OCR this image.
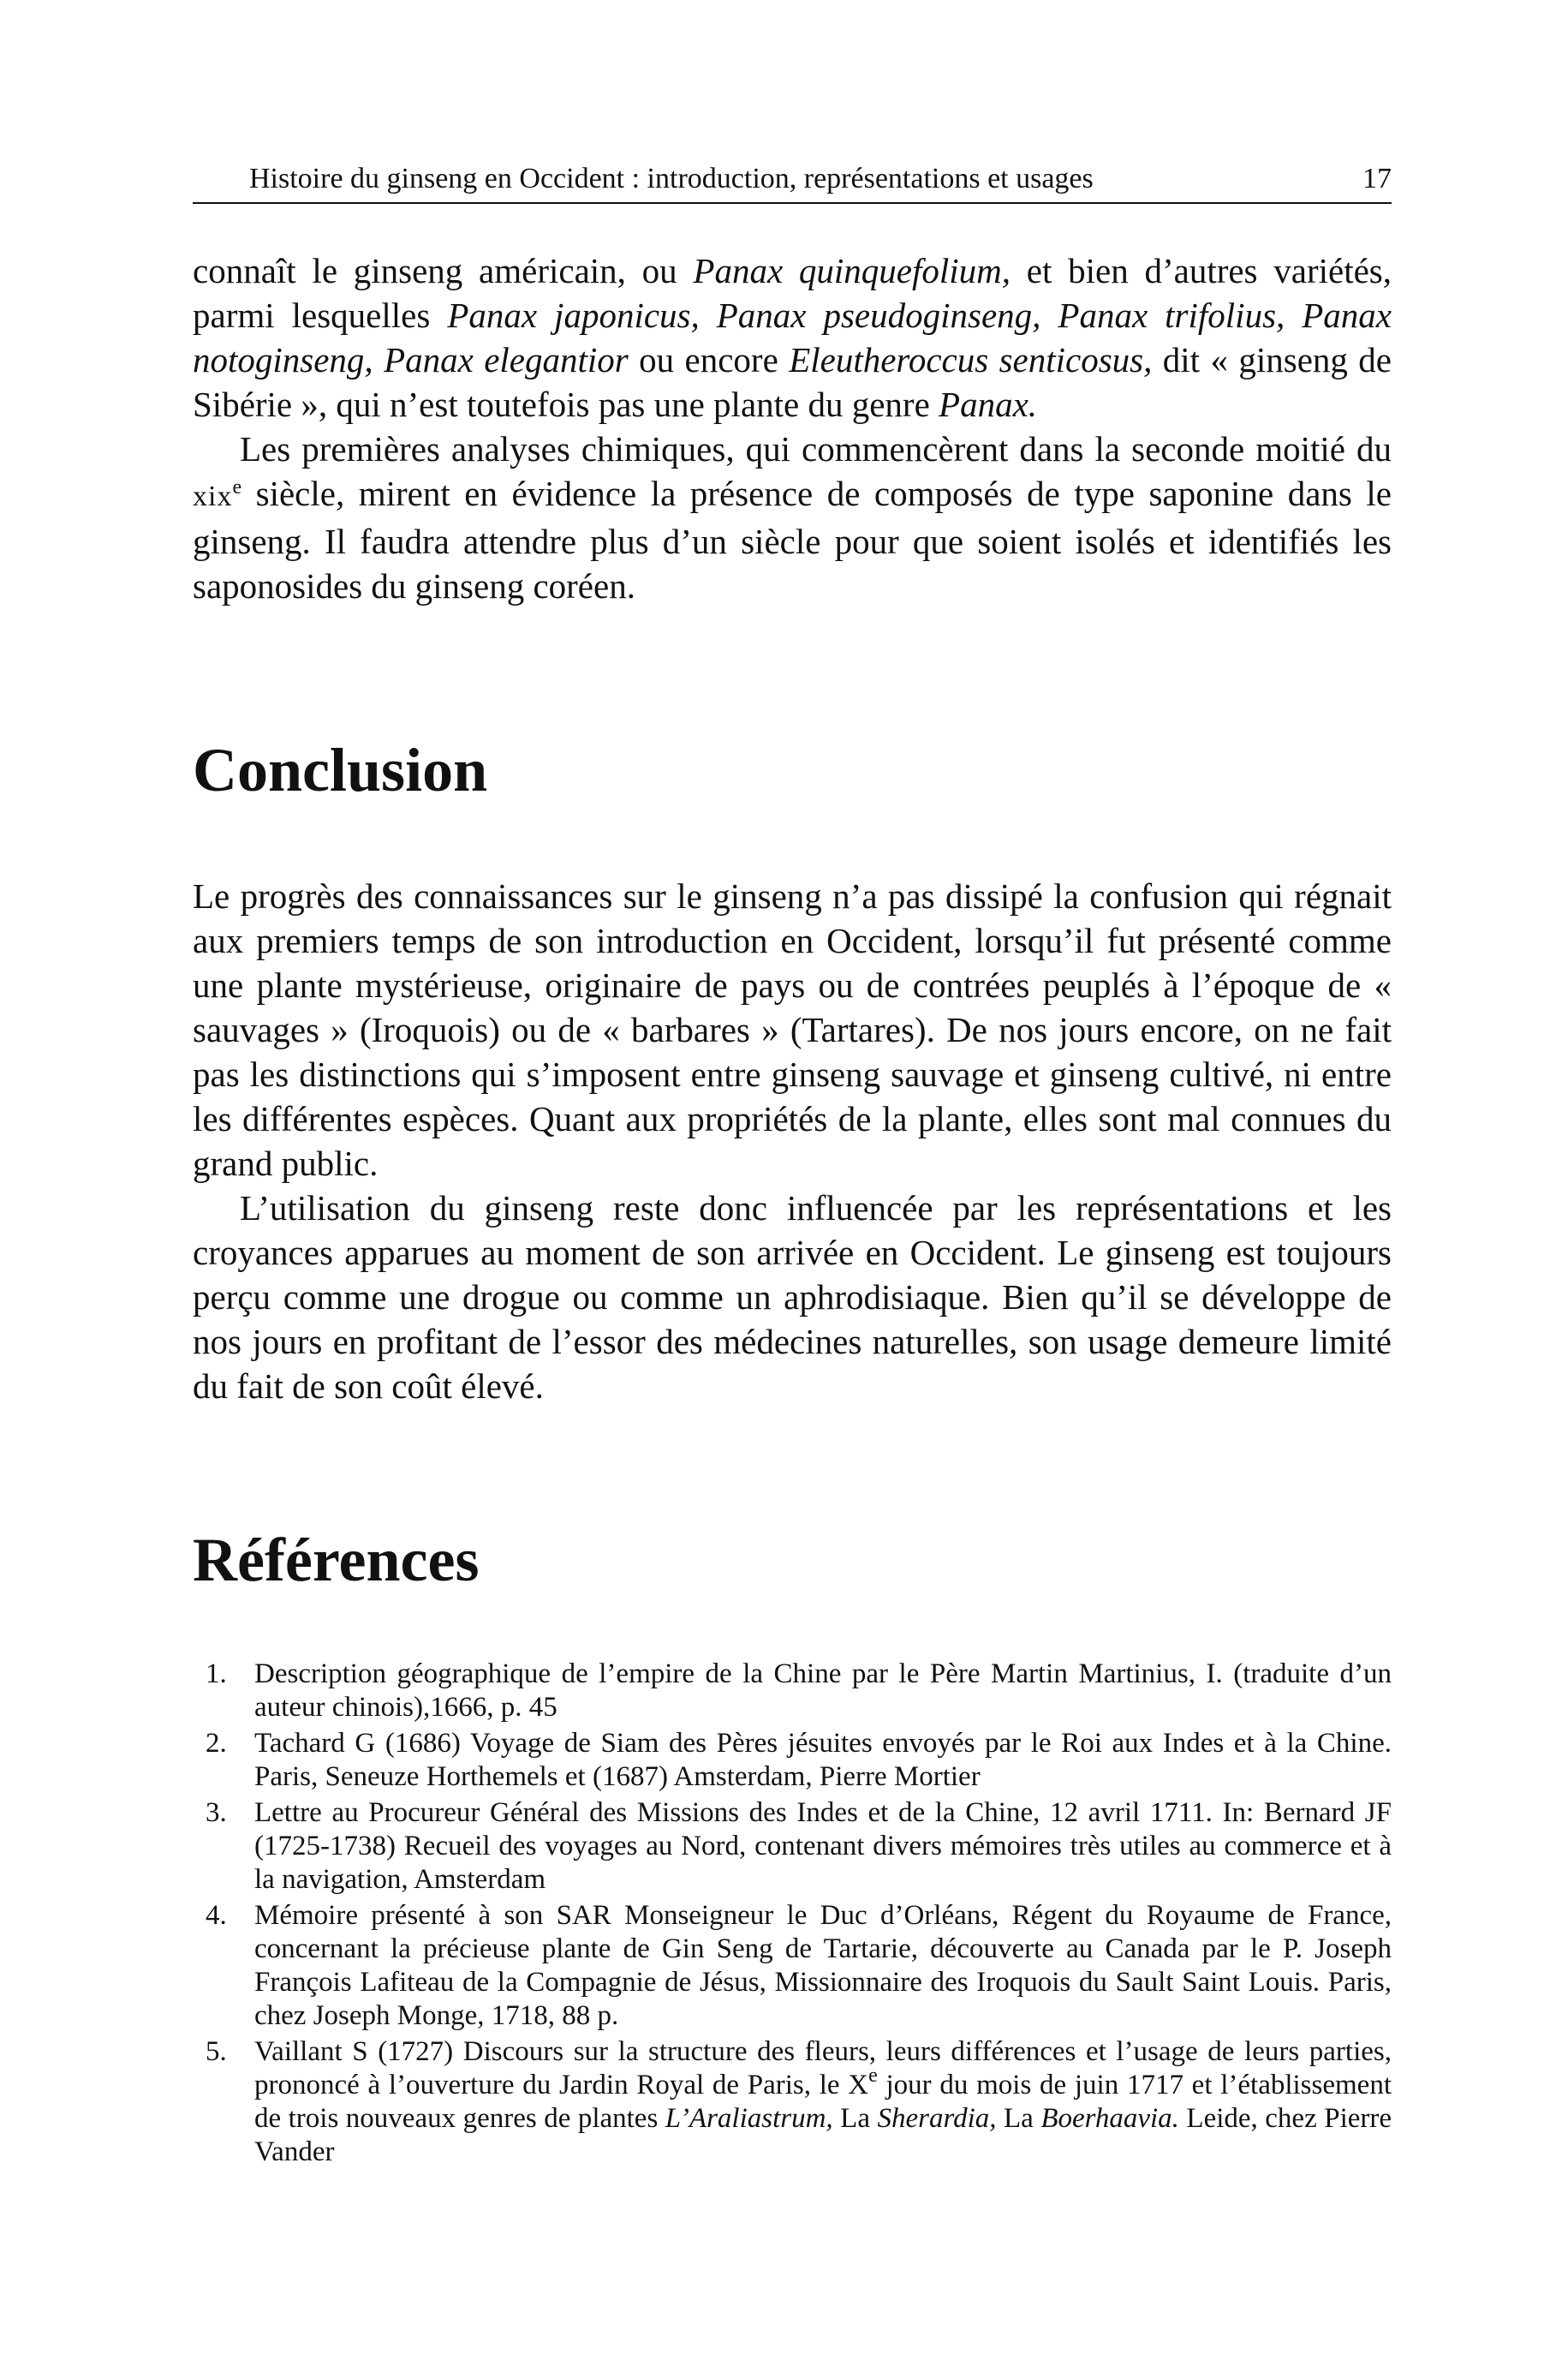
Histoire du ginseng en Occident : introduction, représentations et usages	17

connaît le ginseng américain, ou Panax quinquefolium, et bien d’autres variétés, parmi lesquelles Panax japonicus, Panax pseudoginseng, Panax trifolius, Panax notoginseng, Panax elegantior ou encore Eleutheroccus senticosus, dit « ginseng de Sibérie », qui n’est toutefois pas une plante du genre Panax.

Les premières analyses chimiques, qui commencèrent dans la seconde moitié du xix$^e$ siècle, mirent en évidence la présence de composés de type saponine dans le ginseng. Il faudra attendre plus d’un siècle pour que soient isolés et identifiés les saponosides du ginseng coréen.

Conclusion

Le progrès des connaissances sur le ginseng n’a pas dissipé la confusion qui régnait aux premiers temps de son introduction en Occident, lorsqu’il fut présenté comme une plante mystérieuse, originaire de pays ou de contrées peuplés à l’époque de « sauvages » (Iroquois) ou de « barbares » (Tartares). De nos jours encore, on ne fait pas les distinctions qui s’imposent entre ginseng sauvage et ginseng cultivé, ni entre les différentes espèces. Quant aux propriétés de la plante, elles sont mal connues du grand public.

L’utilisation du ginseng reste donc influencée par les représentations et les croyances apparues au moment de son arrivée en Occident. Le ginseng est toujours perçu comme une drogue ou comme un aphrodisiaque. Bien qu’il se développe de nos jours en profitant de l’essor des médecines naturelles, son usage demeure limité du fait de son coût élevé.

Références
1. Description géographique de l’empire de la Chine par le Père Martin Martinius, I. (traduite d’un auteur chinois),1666, p. 45
2. Tachard G (1686) Voyage de Siam des Pères jésuites envoyés par le Roi aux Indes et à la Chine. Paris, Seneuze Horthemels et (1687) Amsterdam, Pierre Mortier
3. Lettre au Procureur Général des Missions des Indes et de la Chine, 12 avril 1711. In: Bernard JF (1725-1738) Recueil des voyages au Nord, contenant divers mémoires très utiles au commerce et à la navigation, Amsterdam
4. Mémoire présenté à son SAR Monseigneur le Duc d’Orléans, Régent du Royaume de France, concernant la précieuse plante de Gin Seng de Tartarie, découverte au Canada par le P. Joseph François Lafiteau de la Compagnie de Jésus, Missionnaire des Iroquois du Sault Saint Louis. Paris, chez Joseph Monge, 1718, 88 p.
5. Vaillant S (1727) Discours sur la structure des fleurs, leurs différences et l’usage de leurs parties, prononcé à l’ouverture du Jardin Royal de Paris, le Xe jour du mois de juin 1717 et l’établissement de trois nouveaux genres de plantes L’Araliastrum, La Sherardia, La Boerhaavia. Leide, chez Pierre Vander
